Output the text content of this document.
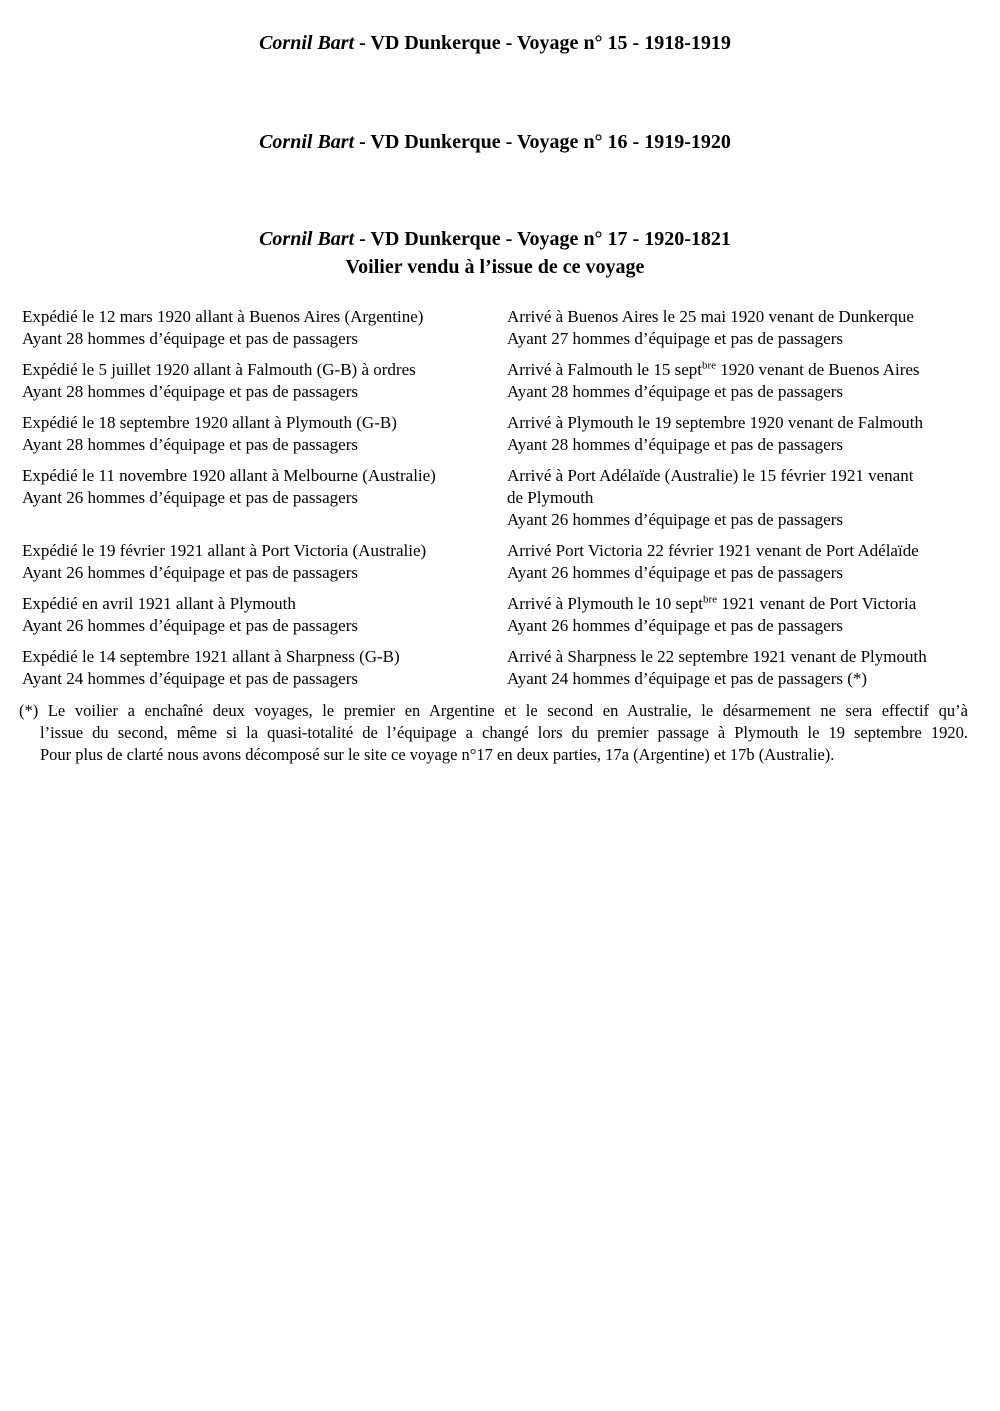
Cornil Bart - VD Dunkerque - Voyage n° 15 - 1918-1919

Cornil Bart - VD Dunkerque - Voyage n° 16 - 1919-1920

Cornil Bart - VD Dunkerque - Voyage n° 17 - 1920-1821

Voilier vendu à l’issue de ce voyage

Expédié le 12 mars 1920 allant à Buenos Aires (Argentine)
Ayant 28 hommes d’équipage et pas de passagers
Arrivé à Buenos Aires le 25 mai 1920 venant de Dunkerque
Ayant 27 hommes d’équipage et pas de passagers
Expédié le 5 juillet 1920 allant à Falmouth (G-B) à ordres
Ayant 28 hommes d’équipage et pas de passagers
Arrivé à Falmouth le 15 sept$^{bre}$ 1920 venant de Buenos Aires
Ayant 28 hommes d’équipage et pas de passagers
Expédié le 18 septembre 1920 allant à Plymouth (G-B)
Ayant 28 hommes d’équipage et pas de passagers
Arrivé à Plymouth le 19 septembre 1920 venant de Falmouth
Ayant 28 hommes d’équipage et pas de passagers
Expédié le 11 novembre 1920 allant à Melbourne (Australie)
Ayant 26 hommes d’équipage et pas de passagers
Arrivé à Port Adélaïde (Australie) le 15 février 1921 venant
de Plymouth
Ayant 26 hommes d’équipage et pas de passagers
Expédié le 19 février 1921 allant à Port Victoria (Australie)
Ayant 26 hommes d’équipage et pas de passagers
Arrivé Port Victoria 22 février 1921 venant de Port Adélaïde
Ayant 26 hommes d’équipage et pas de passagers
Expédié en avril 1921 allant à Plymouth
Ayant 26 hommes d’équipage et pas de passagers
Arrivé à Plymouth le 10 sept$^{bre}$ 1921 venant de Port Victoria
Ayant 26 hommes d’équipage et pas de passagers
Expédié le 14 septembre 1921 allant à Sharpness (G-B)
Ayant 24 hommes d’équipage et pas de passagers
Arrivé à Sharpness le 22 septembre 1921 venant de Plymouth
Ayant 24 hommes d’équipage et pas de passagers (*)
(*) Le voilier a enchaîné deux voyages, le premier en Argentine et le second en Australie, le désarmement ne sera effectif qu’à
l’issue du second, même si la quasi-totalité de l’équipage a changé lors du premier passage à Plymouth le 19 septembre 1920.
Pour plus de clarté nous avons décomposé sur le site ce voyage n°17 en deux parties, 17a (Argentine) et 17b (Australie).
